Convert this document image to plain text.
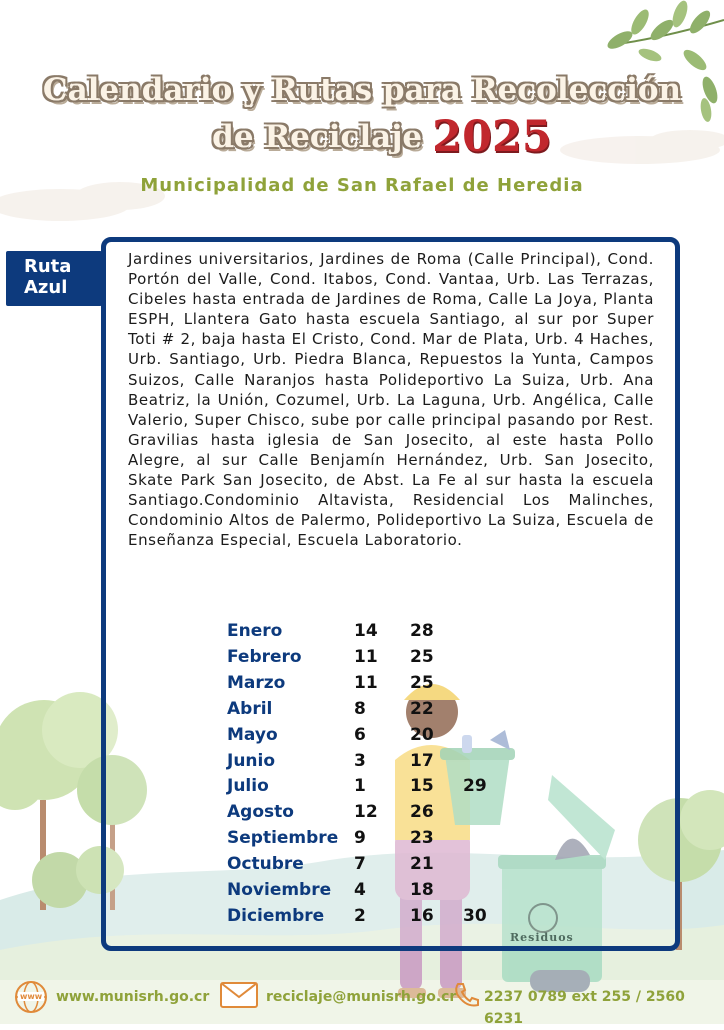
Calendario y Rutas para Recolección
de Reciclaje 2025
Municipalidad de San Rafael de Heredia
Ruta
Azul

Jardines universitarios, Jardines de Roma (Calle Principal), Cond. Portón del Valle, Cond. Itabos, Cond. Vantaa, Urb. Las Terrazas, Cibeles hasta entrada de Jardines de Roma, Calle La Joya, Planta ESPH, Llantera Gato hasta escuela Santiago, al sur por Super Toti # 2, baja hasta El Cristo, Cond. Mar de Plata, Urb. 4 Haches, Urb. Santiago, Urb. Piedra Blanca, Repuestos la Yunta, Campos Suizos, Calle Naranjos hasta Polideportivo La Suiza, Urb. Ana Beatriz, la Unión, Cozumel, Urb. La Laguna, Urb. Angélica, Calle Valerio, Super Chisco, sube por calle principal pasando por Rest. Gravilias hasta iglesia de San Josecito, al este hasta Pollo Alegre, al sur Calle Benjamín Hernández, Urb. San Josecito, Skate Park San Josecito, de Abst. La Fe al sur hasta la escuela Santiago.Condominio Altavista, Residencial Los Malinches, Condominio Altos de Palermo, Polideportivo La Suiza, Escuela de Enseñanza Especial, Escuela Laboratorio.

Enero	14 28
Febrero	11 25
Marzo	11 25
Abril	8	22
Mayo	6	20
Junio	3	17
Julio	1	15 29
Agosto	12 26
Septiembre 9	23
Octubre	7	21
Noviembre 4	18
Diciembre 2	16 30
Residuos
www www.munisrh.go.cr	reciclaje@munisrh.go.cr 2237 0789 ext 255 / 2560 6231
